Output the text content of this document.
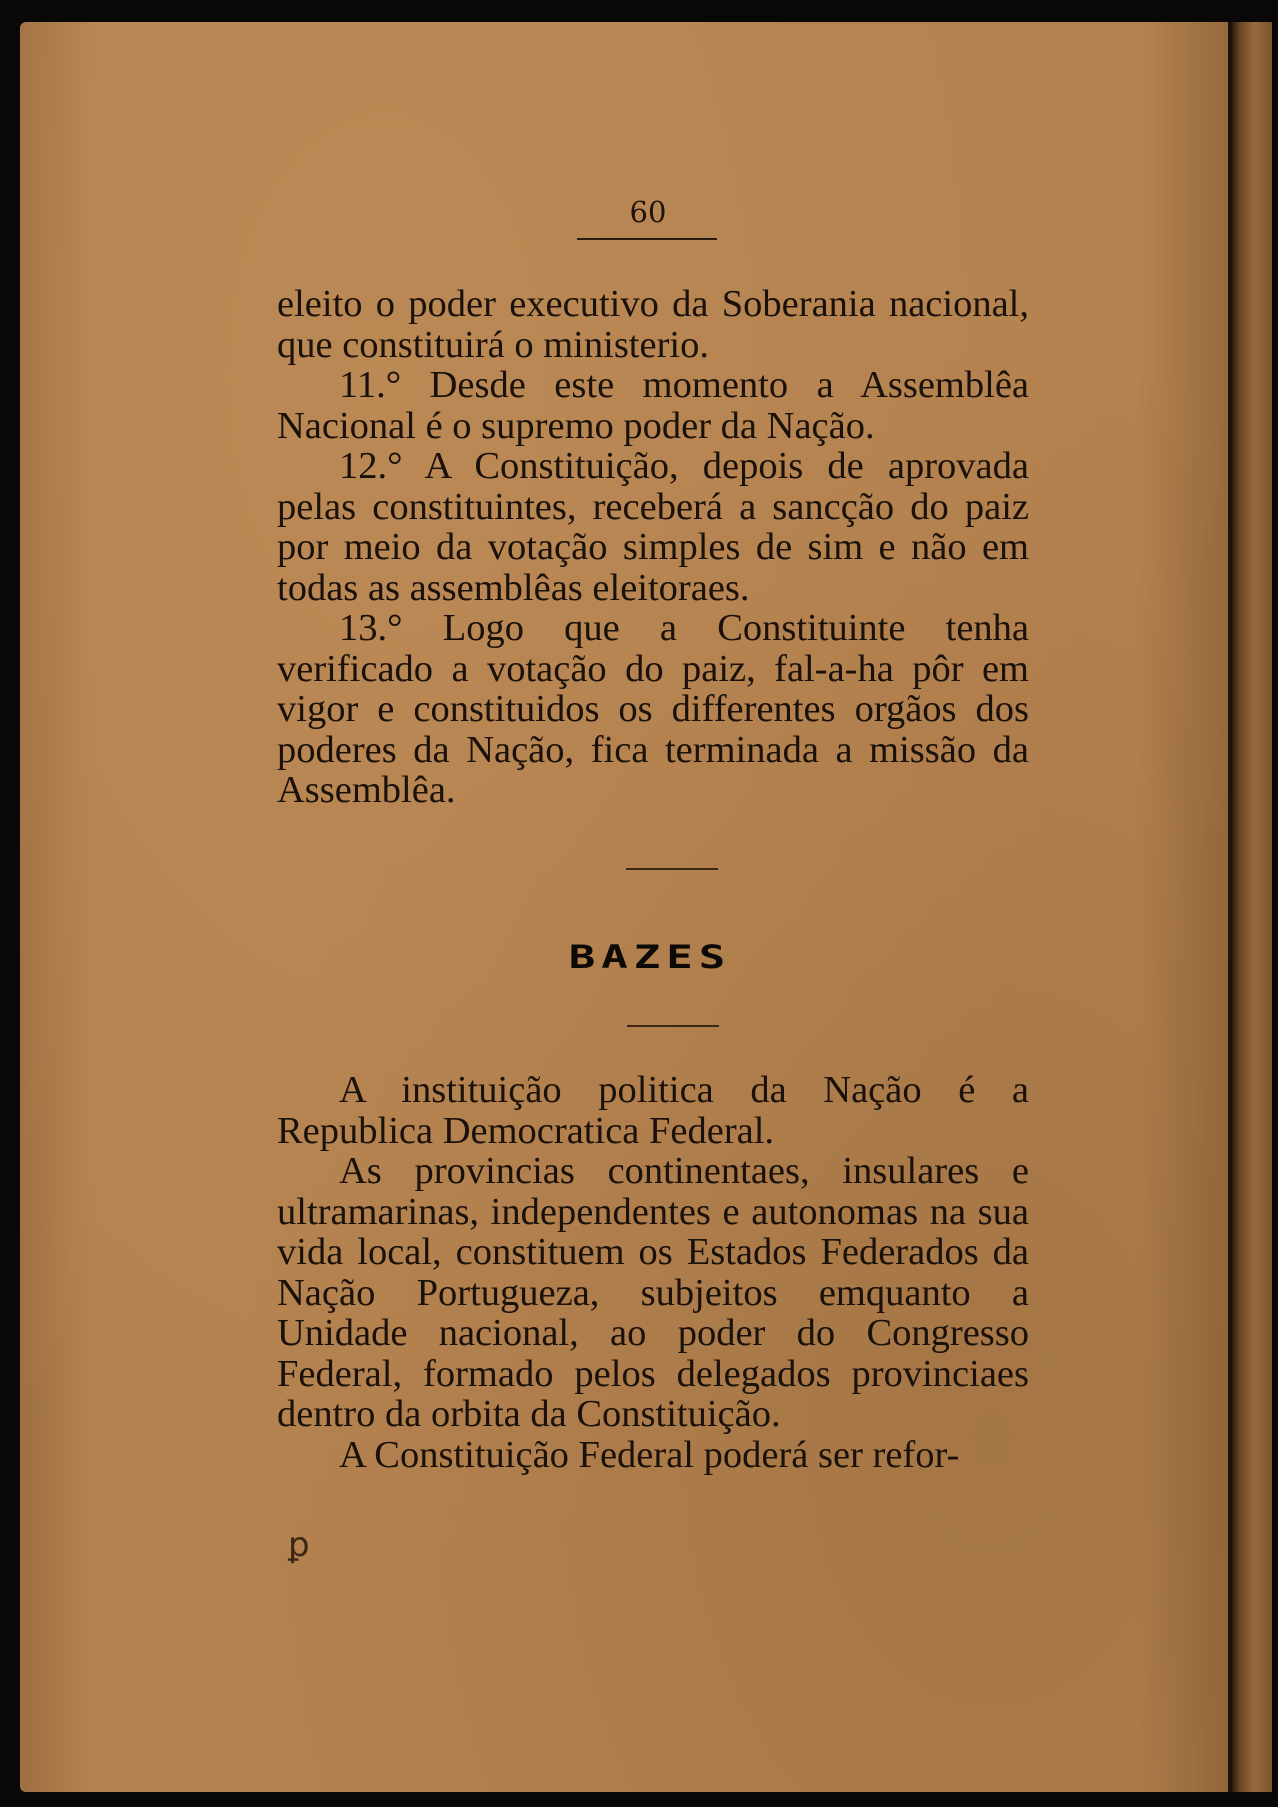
60

eleito o poder executivo da Soberania nacional, que constituirá o ministerio.

11.° Desde este momento a Assemblêa Nacional é o supremo poder da Nação.

12.° A Constituição, depois de aprovada pelas constituintes, receberá a sancção do paiz por meio da votação simples de sim e não em todas as assemblêas eleitoraes.

13.° Logo que a Constituinte tenha verificado a votação do paiz, fal-a-ha pôr em vigor e constituidos os differentes orgãos dos poderes da Nação, fica terminada a missão da Assemblêa.

BAZES

A instituição politica da Nação é a Republica Democratica Federal.

As provincias continentaes, insulares e ultramarinas, independentes e autonomas na sua vida local, constituem os Estados Federados da Nação Portugueza, subjeitos emquanto a Unidade nacional, ao poder do Congresso Federal, formado pelos delegados provinciaes dentro da orbita da Constituição.

A Constituição Federal poderá ser refor-

ꝑ
